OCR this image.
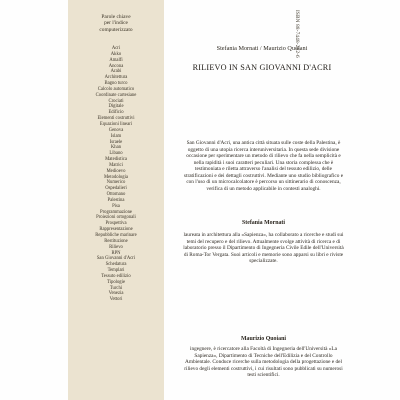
Parole chiave
per l'indice
computerizzato
Acri
Akko
Amalfi
Ancona
Arabi
Architettura
Bagno turco
Calcolo automatico
Coordinate cartesiane
Crociati
Digitale
Edificio
Elementi costruttivi
Equazioni lineari
Genova
Islam
Israele
Khan
Libano
Matedistica
Matrici
Medioevo
Metodologia
Numerico
Ospedalieri
Ottomano
Palestina
Pisa
Programmazione
Proiezioni ortogonali
Prospettiva
Rappresentazione
Repubbliche marinare
Restituzione
Rilievo
RPN
San Giovanni d'Acri
Schedatura
Templari
Tessuto edilizio
Tipologie
Turchi
Venezia
Vettori
ISBN 88-7448-262-6
Stefania Mornati / Maurizio Quoiani
RILIEVO IN SAN GIOVANNI D'ACRI

San Giovanni d'Acri, una antica città situata sulle coste della Palestina, è oggetto di una utopia ricerca interuniversitaria. In questa sede divisione occasione per sperimentare un metodo di rilievo che fa nella semplicità e nella rapidità i suoi caratteri peculiari. Una storia complessa che è testimoniata e riletta attraverso l'analisi del tessuto edilizio, delle stratificazioni e dei dettagli costruttivi. Mediante uno studio bibliografico e con l'uso di un microcalcolatore è percorso un sittinerario di conoscenza, verifica di un metodo applicabile in contesti analoghi.

Stefania Mornati

laureata in architettura alla «Sapienza», ha collaborato a ricerche e studi sui temi del recupero e del rilievo. Attualmente svolge attività di ricerca e di laboratorio presso il Dipartimento di Ingegneria Civile Edile dell'Università di Roma-Tor Vergata. Suoi articoli e memorie sono apparsi su libri e riviste specializzate.

Maurizio Quoiani

ingegnere, è ricercatore alla Facoltà di Ingegneria dell'Università «La Sapienza», Dipartimento di Tecniche dell'Edilizia e del Controllo Ambientale. Conduce ricerche sulla metodologia della progettazione e del rilievo degli elementi costruttivi, i cui risultati sono pubblicati su numerosi testi scientifici.
